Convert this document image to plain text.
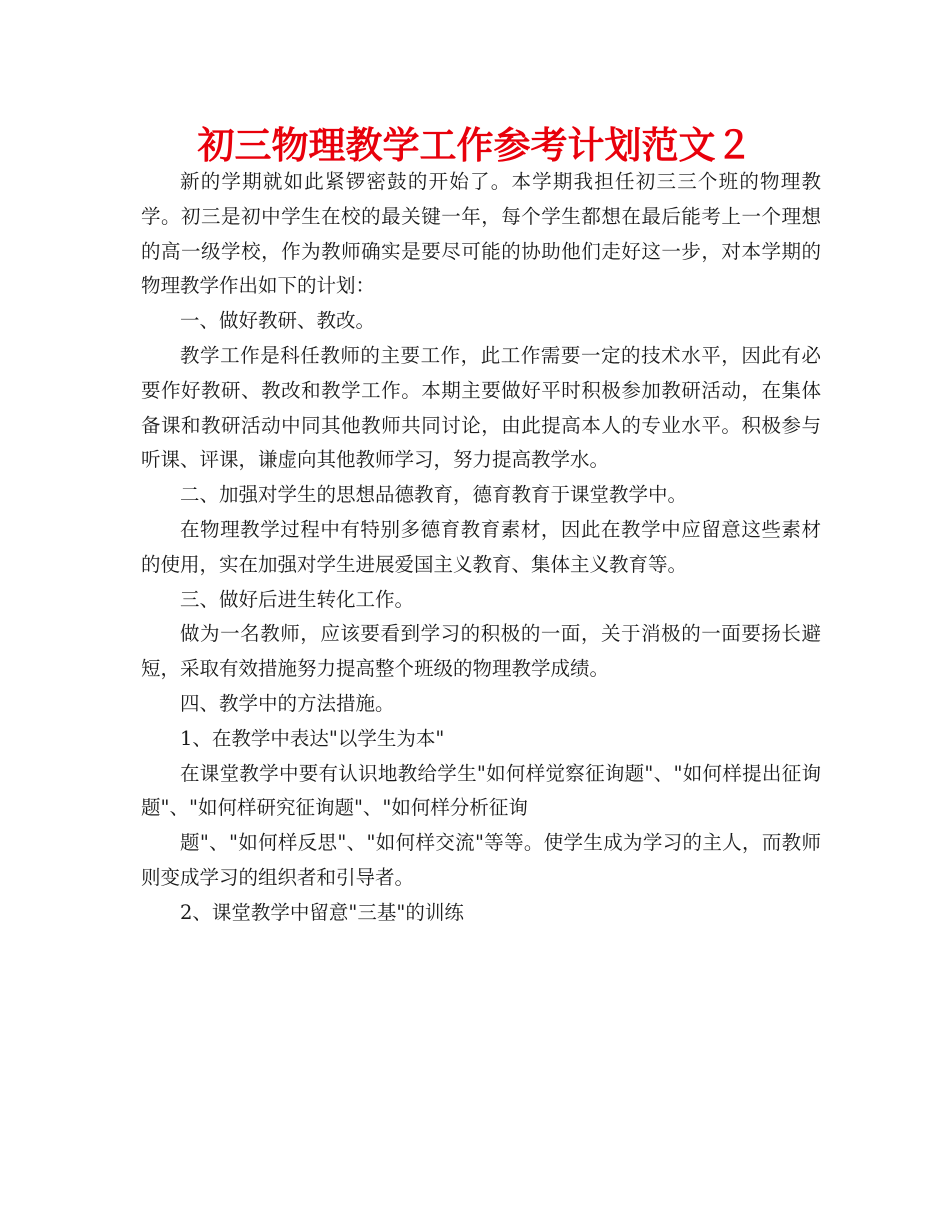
初三物理教学工作参考计划范文２

新的学期就如此紧锣密鼓的开始了。本学期我担任初三三个班的物理教学。初三是初中学生在校的最关键一年，每个学生都想在最后能考上一个理想的高一级学校，作为教师确实是要尽可能的协助他们走好这一步，对本学期的物理教学作出如下的计划：

一、做好教研、教改。

教学工作是科任教师的主要工作，此工作需要一定的技术水平，因此有必要作好教研、教改和教学工作。本期主要做好平时积极参加教研活动，在集体备课和教研活动中同其他教师共同讨论，由此提高本人的专业水平。积极参与听课、评课，谦虚向其他教师学习，努力提高教学水。

二、加强对学生的思想品德教育，德育教育于课堂教学中。

在物理教学过程中有特别多德育教育素材，因此在教学中应留意这些素材的使用，实在加强对学生进展爱国主义教育、集体主义教育等。

三、做好后进生转化工作。

做为一名教师，应该要看到学习的积极的一面，关于消极的一面要扬长避短，采取有效措施努力提高整个班级的物理教学成绩。

四、教学中的方法措施。

1、在教学中表达"以学生为本"

在课堂教学中要有认识地教给学生"如何样觉察征询题"、"如何样提出征询题"、"如何样研究征询题"、"如何样分析征询

题"、"如何样反思"、"如何样交流"等等。使学生成为学习的主人，而教师则变成学习的组织者和引导者。

2、课堂教学中留意"三基"的训练
